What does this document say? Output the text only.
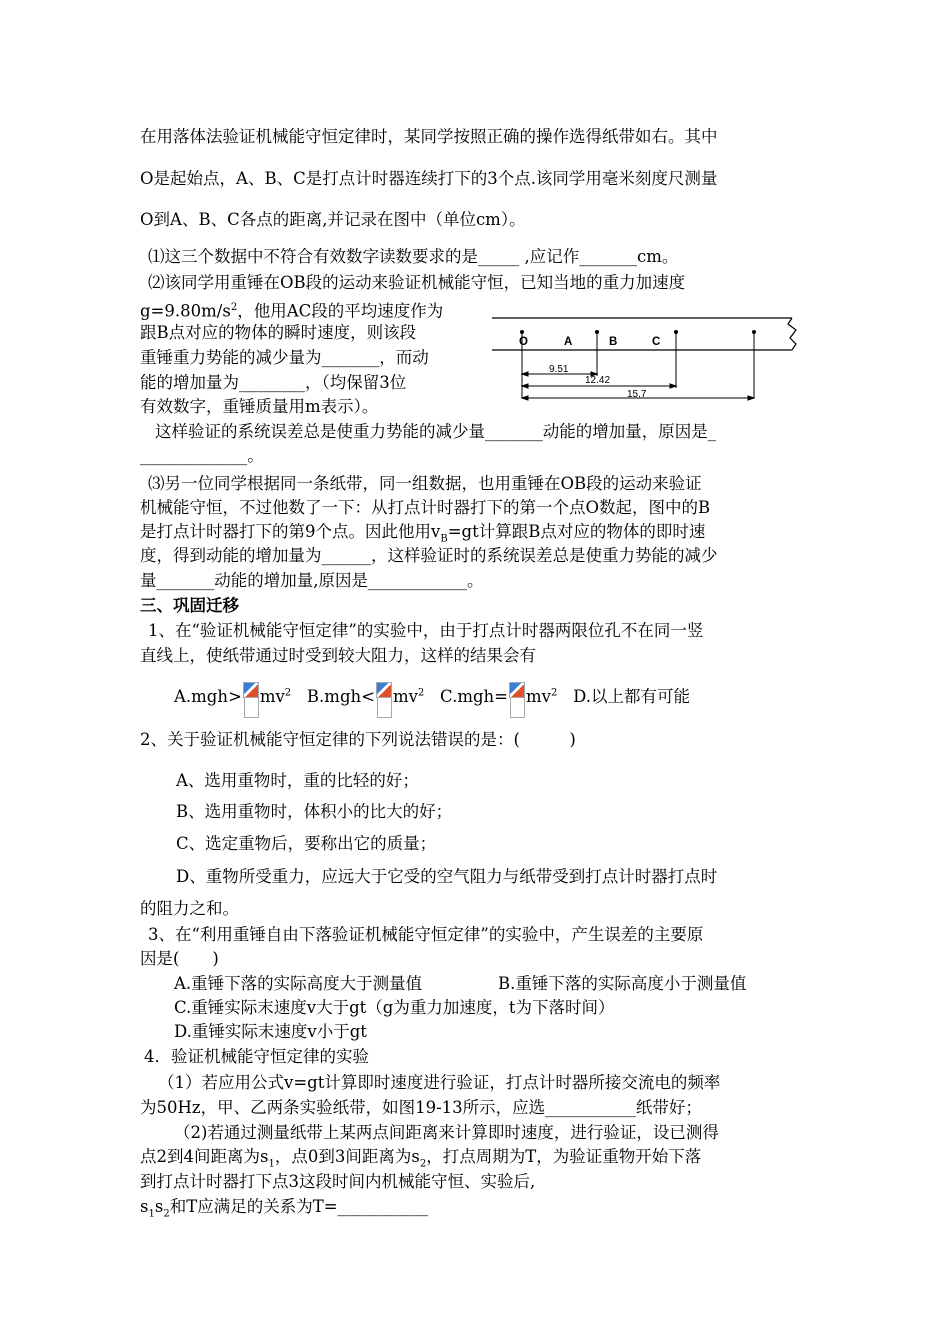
在用落体法验证机械能守恒定律时，某同学按照正确的操作选得纸带如右。其中
O是起始点，A、B、C是打点计时器连续打下的3个点.该同学用毫米刻度尺测量
O到A、B、C各点的距离,并记录在图中（单位cm）。
⑴这三个数据中不符合有效数字读数要求的是_____ ,应记作_______cm。
⑵该同学用重锤在OB段的运动来验证机械能守恒，已知当地的重力加速度
$g=9.80m/s^2$，他用AC段的平均速度作为
跟B点对应的物体的瞬时速度，则该段
重锤重力势能的减少量为_______，而动
能的增加量为________，（均保留3位
有效数字，重锤质量用m表示）。
这样验证的系统误差总是使重力势能的减少量_______动能的增加量，原因是_
_____________。
O	A	B	C
9.51
12.42
15.7
⑶另一位同学根据同一条纸带，同一组数据，也用重锤在OB段的运动来验证
机械能守恒，不过他数了一下：从打点计时器打下的第一个点O数起，图中的B
是打点计时器打下的第9个点。因此他用$v_B=gt$计算跟B点对应的物体的即时速
度，得到动能的增加量为______，这样验证时的系统误差总是使重力势能的减少
量_______动能的增加量,原因是____________。
三、巩固迁移
1、在“验证机械能守恒定律”的实验中，由于打点计时器两限位孔不在同一竖
直线上，使纸带通过时受到较大阻力，这样的结果会有
$A.mgh> mv^2$ $B.mgh< mv^2$ $C.mgh= mv^2$ D.以上都有可能
2、关于验证机械能守恒定律的下列说法错误的是：(　　　)
A、选用重物时，重的比轻的好；
B、选用重物时，体积小的比大的好；
C、选定重物后，要称出它的质量；
D、重物所受重力，应远大于它受的空气阻力与纸带受到打点计时器打点时
的阻力之和。
3、在“利用重锤自由下落验证机械能守恒定律”的实验中，产生误差的主要原
因是(　　)
A.重锤下落的实际高度大于测量值	B.重锤下落的实际高度小于测量值
C.重锤实际末速度v大于gt（g为重力加速度，t为下落时间）
D.重锤实际末速度v小于gt
4．验证机械能守恒定律的实验
（1）若应用公式v=gt计算即时速度进行验证，打点计时器所接交流电的频率
为50Hz，甲、乙两条实验纸带，如图19-13所示，应选___________纸带好；
（2)若通过测量纸带上某两点间距离来计算即时速度，进行验证，设已测得
点2到4间距离为$s_1$，点0到3间距离为$s_2$，打点周期为T，为验证重物开始下落
到打点计时器打下点3这段时间内机械能守恒、实验后,
$s_1s_2$和T应满足的关系为T=___________
